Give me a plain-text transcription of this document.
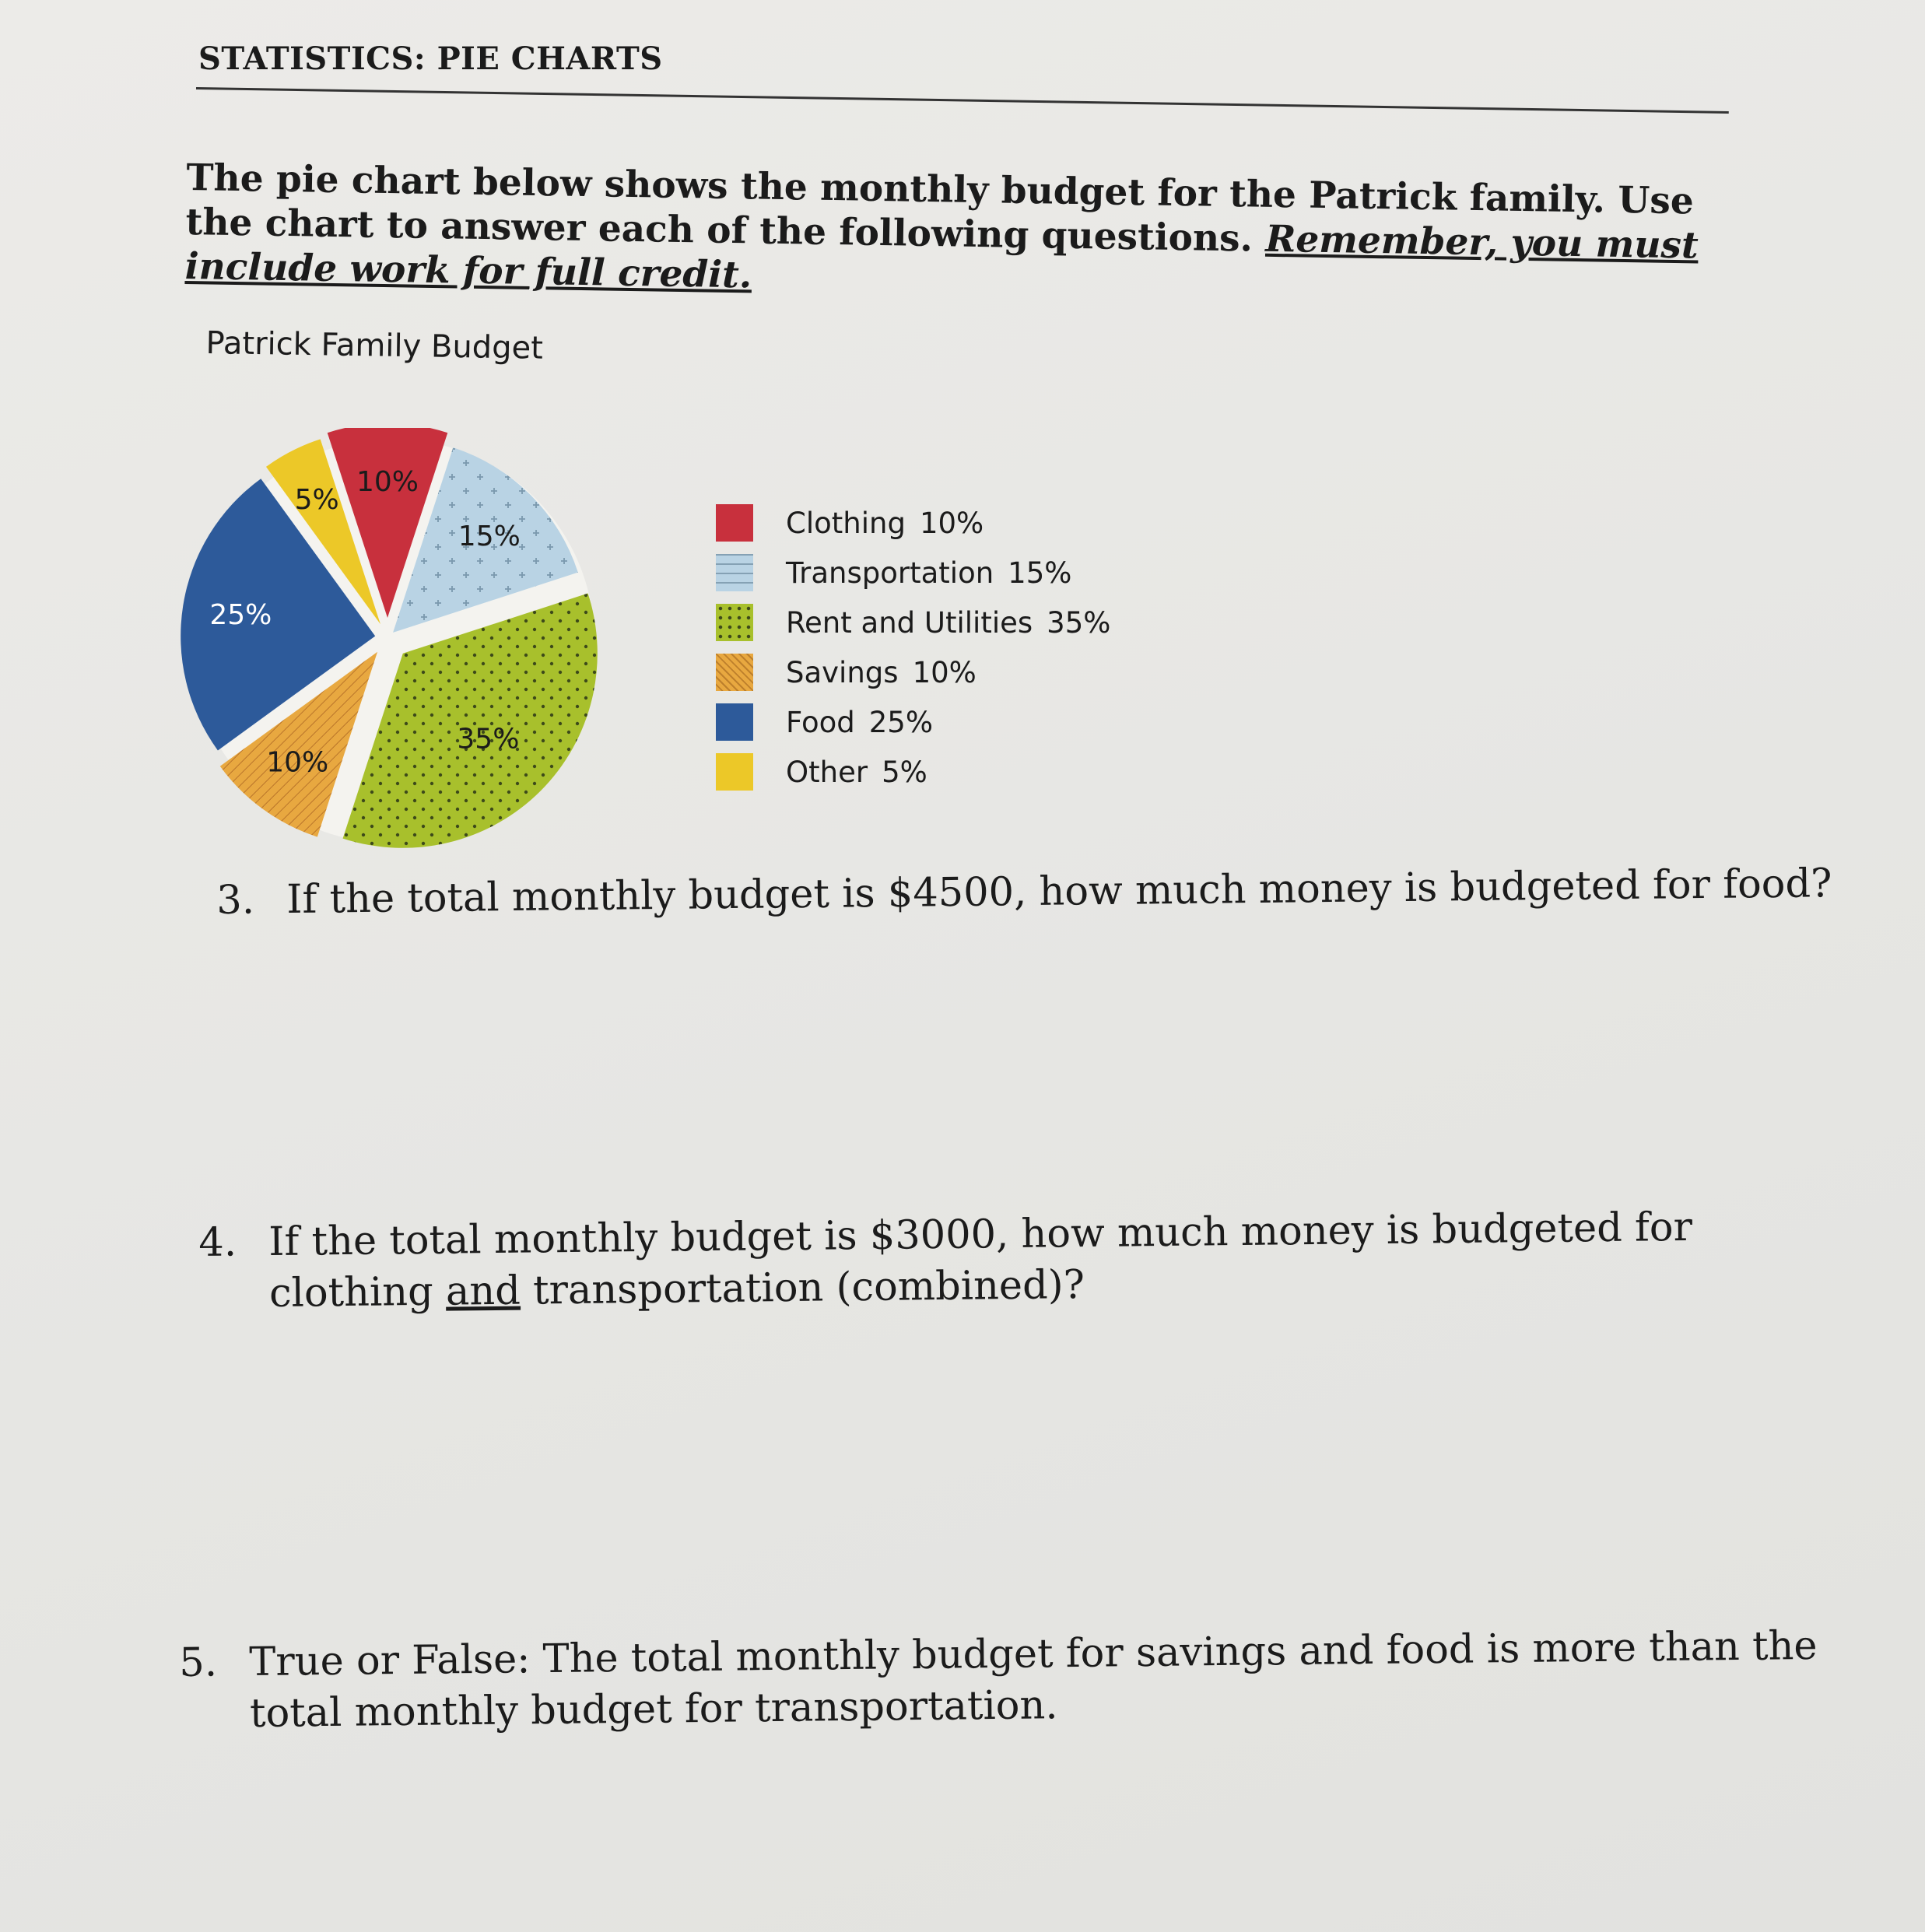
STATISTICS: PIE CHARTS
The pie chart below shows the monthly budget for the Patrick family. Use the chart to answer each of the following questions. Remember, you must include work for full credit.
Patrick Family Budget
10%
15%
35%
10%
25%
5%
Clothing 10%
Transportation 15%
Rent and Utilities 35%
Savings 10%
Food 25%
Other 5%
3. If the total monthly budget is $4500, how much money is budgeted for food?
4. If the total monthly budget is $3000, how much money is budgeted for clothing and transportation (combined)?
5. True or False: The total monthly budget for savings and food is more than the total monthly budget for transportation.
